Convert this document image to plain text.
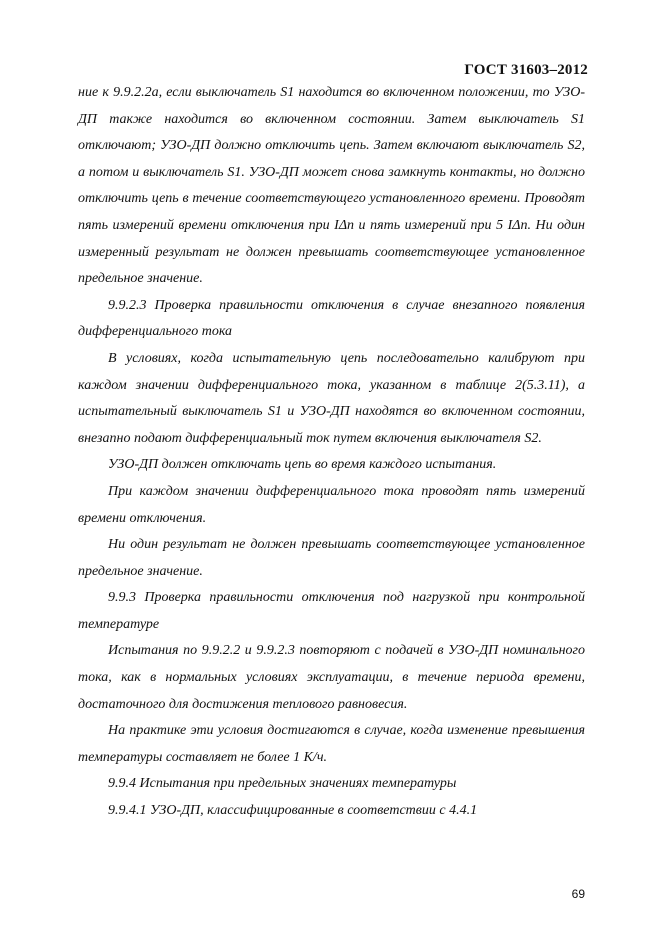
ГОСТ 31603–2012

ние к 9.9.2.2а, если выключатель S1 находится во включенном положении, то УЗО-ДП также находится во включенном состоянии. Затем выключатель S1 отключают; УЗО-ДП должно отключить цепь. Затем включают выключатель S2, а потом и выключатель S1. УЗО-ДП может снова замкнуть контакты, но должно отключить цепь в течение соответствующего установленного времени. Проводят пять измерений времени отключения при IΔn и пять измерений при 5 IΔn. Ни один измеренный результат не должен превышать соответствующее установленное предельное значение.

9.9.2.3 Проверка правильности отключения в случае внезапного появления дифференциального тока

В условиях, когда испытательную цепь последовательно калибруют при каждом значении дифференциального тока, указанном в таблице 2(5.3.11), а испытательный выключатель S1 и УЗО-ДП находятся во включенном состоянии, внезапно подают дифференциальный ток путем включения выключателя S2.

УЗО-ДП должен отключать цепь во время каждого испытания.

При каждом значении дифференциального тока проводят пять измерений времени отключения.

Ни один результат не должен превышать соответствующее установленное предельное значение.

9.9.3 Проверка правильности отключения под нагрузкой при контрольной температуре

Испытания по 9.9.2.2 и 9.9.2.3 повторяют с подачей в УЗО-ДП номинального тока, как в нормальных условиях эксплуатации, в течение периода времени, достаточного для достижения теплового равновесия.

На практике эти условия достигаются в случае, когда изменение превышения температуры составляет не более 1 К/ч.

9.9.4 Испытания при предельных значениях температуры

9.9.4.1 УЗО-ДП, классифицированные в соответствии с 4.4.1

69
